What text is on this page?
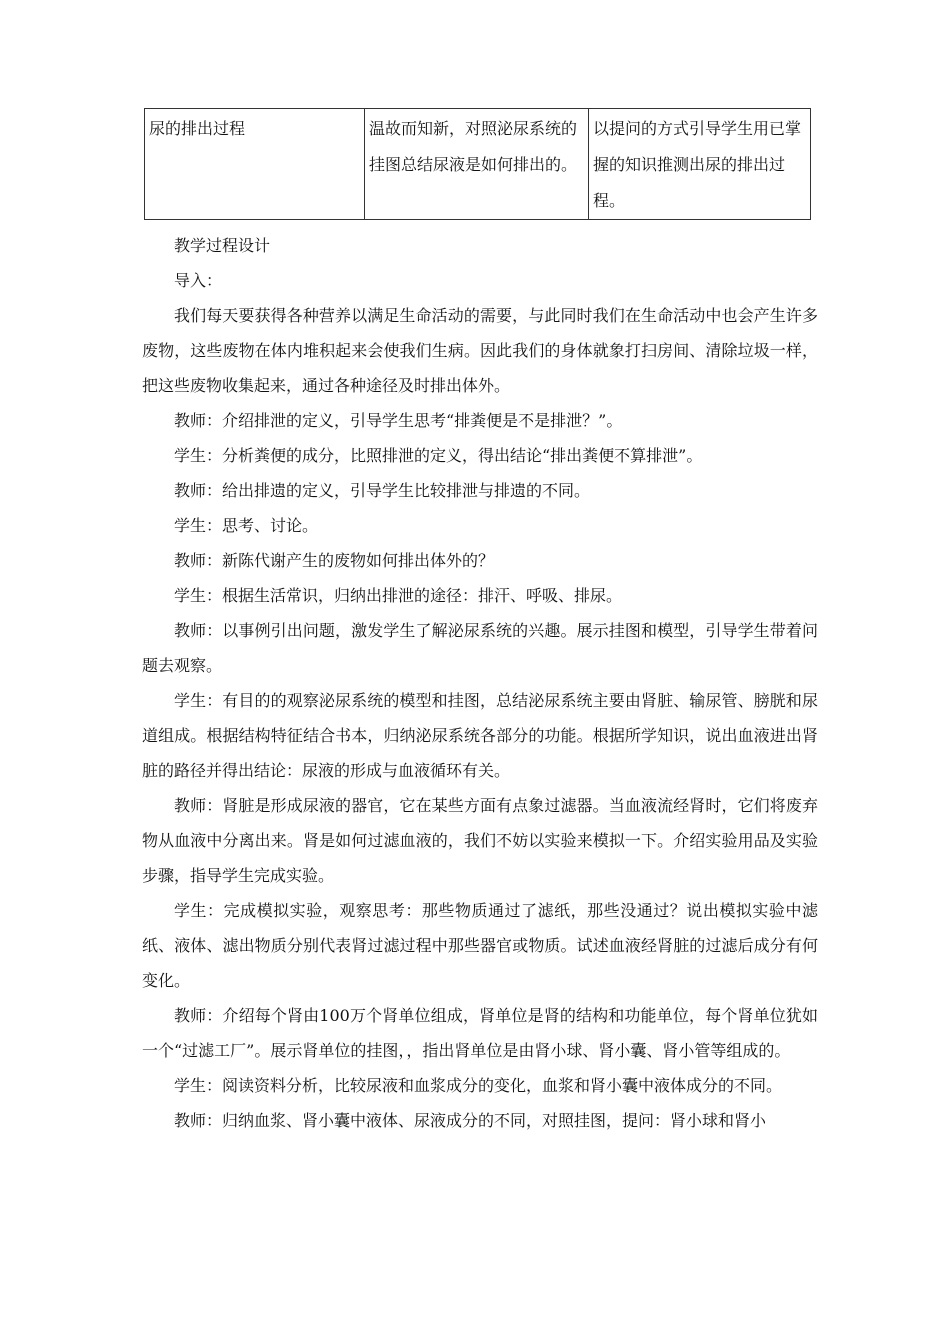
尿的排出过程	温故而知新，对照泌尿系统的挂图总结尿液是如何排出的。	以提问的方式引导学生用已掌握的知识推测出尿的排出过程。

教学过程设计

导入：

我们每天要获得各种营养以满足生命活动的需要，与此同时我们在生命活动中也会产生许多废物，这些废物在体内堆积起来会使我们生病。因此我们的身体就象打扫房间、清除垃圾一样，把这些废物收集起来，通过各种途径及时排出体外。

教师：介绍排泄的定义，引导学生思考“排粪便是不是排泄？”。

学生：分析粪便的成分，比照排泄的定义，得出结论“排出粪便不算排泄”。

教师：给出排遗的定义，引导学生比较排泄与排遗的不同。

学生：思考、讨论。

教师：新陈代谢产生的废物如何排出体外的？

学生：根据生活常识，归纳出排泄的途径：排汗、呼吸、排尿。

教师：以事例引出问题，激发学生了解泌尿系统的兴趣。展示挂图和模型，引导学生带着问题去观察。

学生：有目的的观察泌尿系统的模型和挂图，总结泌尿系统主要由肾脏、输尿管、膀胱和尿道组成。根据结构特征结合书本，归纳泌尿系统各部分的功能。根据所学知识，说出血液进出肾脏的路径并得出结论：尿液的形成与血液循环有关。

教师：肾脏是形成尿液的器官，它在某些方面有点象过滤器。当血液流经肾时，它们将废弃物从血液中分离出来。肾是如何过滤血液的，我们不妨以实验来模拟一下。介绍实验用品及实验步骤，指导学生完成实验。

学生：完成模拟实验，观察思考：那些物质通过了滤纸，那些没通过？说出模拟实验中滤纸、液体、滤出物质分别代表肾过滤过程中那些器官或物质。试述血液经肾脏的过滤后成分有何变化。

教师：介绍每个肾由100万个肾单位组成，肾单位是肾的结构和功能单位，每个肾单位犹如一个“过滤工厂”。展示肾单位的挂图，，指出肾单位是由肾小球、肾小囊、肾小管等组成的。

学生：阅读资料分析，比较尿液和血浆成分的变化，血浆和肾小囊中液体成分的不同。

教师：归纳血浆、肾小囊中液体、尿液成分的不同，对照挂图，提问：肾小球和肾小
